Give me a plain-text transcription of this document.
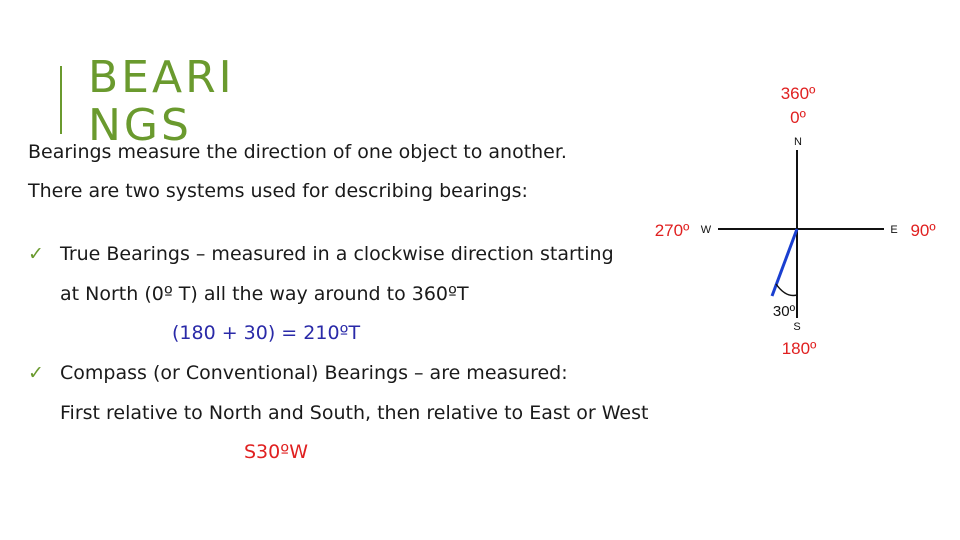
BEARI
NGS
Bearings measure the direction of one object to another.
There are two systems used for describing bearings:
✓ True Bearings – measured in a clockwise direction starting
at North (0º T) all the way around to 360ºT
(180 + 30) = 210ºT
✓ Compass (or Conventional) Bearings – are measured:
First relative to North and South, then relative to East or West
S30ºW
360º
0º
N
W	E
270º	90º
30º
S
180º
